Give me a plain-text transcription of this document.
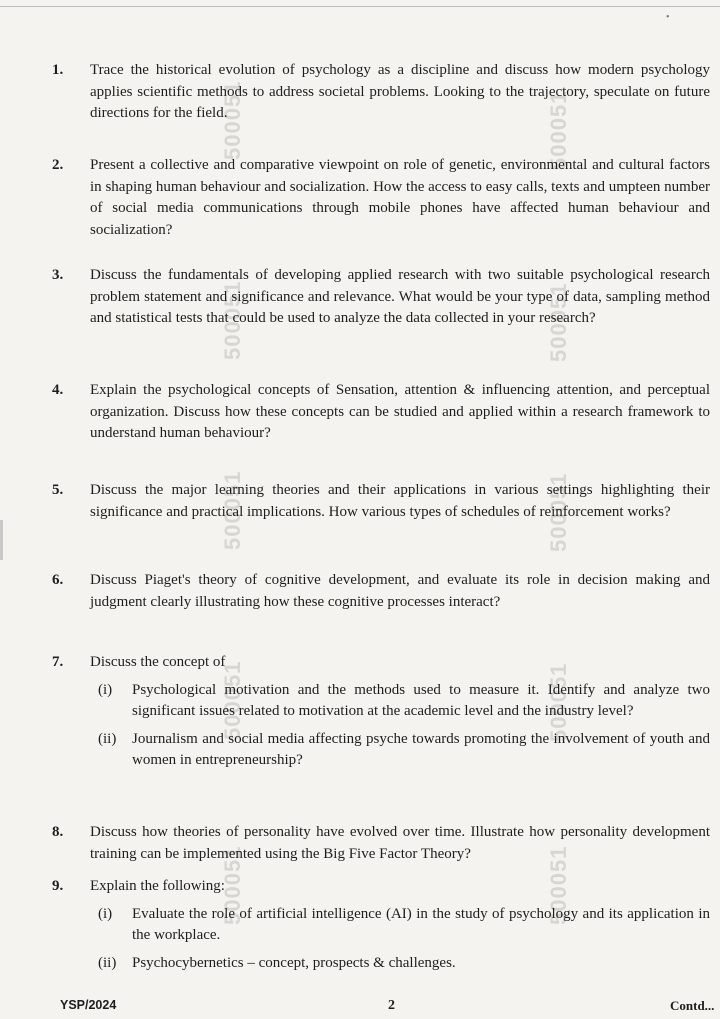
•
500051	500051
500051	500051
500051	500051
500051	500051
500051	500051
1. Trace the historical evolution of psychology as a discipline and discuss how modern psychology applies scientific methods to address societal problems. Looking to the trajectory, speculate on future directions for the field.
2. Present a collective and comparative viewpoint on role of genetic, environmental and cultural factors in shaping human behaviour and socialization. How the access to easy calls, texts and umpteen number of social media communications through mobile phones have affected human behaviour and socialization?
3. Discuss the fundamentals of developing applied research with two suitable psychological research problem statement and significance and relevance. What would be your type of data, sampling method and statistical tests that could be used to analyze the data collected in your research?
4. Explain the psychological concepts of Sensation, attention & influencing attention, and perceptual organization. Discuss how these concepts can be studied and applied within a research framework to understand human behaviour?
5. Discuss the major learning theories and their applications in various settings highlighting their significance and practical implications. How various types of schedules of reinforcement works?
6. Discuss Piaget's theory of cognitive development, and evaluate its role in decision making and judgment clearly illustrating how these cognitive processes interact?
7. Discuss the concept of
(i) Psychological motivation and the methods used to measure it. Identify and analyze two significant issues related to motivation at the academic level and the industry level?
(ii) Journalism and social media affecting psyche towards promoting the involvement of youth and women in entrepreneurship?
8. Discuss how theories of personality have evolved over time. Illustrate how personality development training can be implemented using the Big Five Factor Theory?
9. Explain the following:
(i) Evaluate the role of artificial intelligence (AI) in the study of psychology and its application in the workplace.
(ii) Psychocybernetics – concept, prospects & challenges.
YSP/2024	2	Contd...
